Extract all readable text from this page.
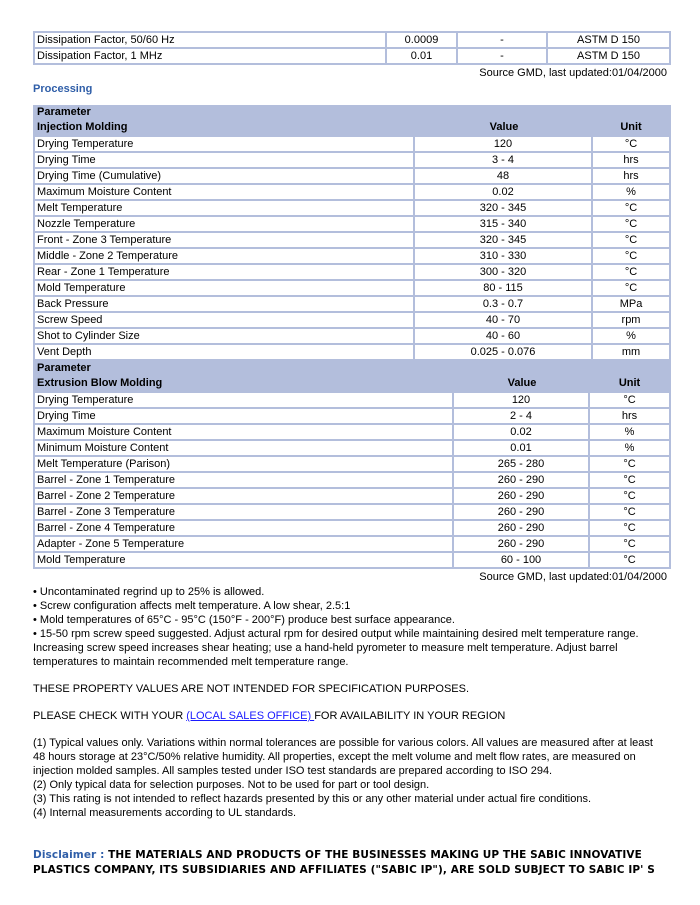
Dissipation Factor, 50/60 Hz	0.0009	-	ASTM D 150
Dissipation Factor, 1 MHz	0.01	-	ASTM D 150
Source GMD, last updated:01/04/2000
Processing
Parameter		
Injection Molding	Value	Unit
Drying Temperature	120	°C
Drying Time	3 - 4	hrs
Drying Time (Cumulative)	48	hrs
Maximum Moisture Content	0.02	%
Melt Temperature	320 - 345	°C
Nozzle Temperature	315 - 340	°C
Front - Zone 3 Temperature	320 - 345	°C
Middle - Zone 2 Temperature	310 - 330	°C
Rear - Zone 1 Temperature	300 - 320	°C
Mold Temperature	80 - 115	°C
Back Pressure	0.3 - 0.7	MPa
Screw Speed	40 - 70	rpm
Shot to Cylinder Size	40 - 60	%
Vent Depth	0.025 - 0.076	mm
Parameter		
Extrusion Blow Molding	Value	Unit
Drying Temperature	120	°C
Drying Time	2 - 4	hrs
Maximum Moisture Content	0.02	%
Minimum Moisture Content	0.01	%
Melt Temperature (Parison)	265 - 280	°C
Barrel - Zone 1 Temperature	260 - 290	°C
Barrel - Zone 2 Temperature	260 - 290	°C
Barrel - Zone 3 Temperature	260 - 290	°C
Barrel - Zone 4 Temperature	260 - 290	°C
Adapter - Zone 5 Temperature	260 - 290	°C
Mold Temperature	60 - 100	°C
Source GMD, last updated:01/04/2000

• Uncontaminated regrind up to 25% is allowed.

• Screw configuration affects melt temperature. A low shear, 2.5:1

• Mold temperatures of 65°C - 95°C (150°F - 200°F) produce best surface appearance.

• 15-50 rpm screw speed suggested. Adjust actural rpm for desired output while maintaining desired melt temperature range. Increasing screw speed increases shear heating; use a hand-held pyrometer to measure melt temperature. Adjust barrel temperatures to maintain recommended melt temperature range.

THESE PROPERTY VALUES ARE NOT INTENDED FOR SPECIFICATION PURPOSES.

PLEASE CHECK WITH YOUR (LOCAL SALES OFFICE) FOR AVAILABILITY IN YOUR REGION

(1) Typical values only. Variations within normal tolerances are possible for various colors. All values are measured after at least 48 hours storage at 23°C/50% relative humidity. All properties, except the melt volume and melt flow rates, are measured on injection molded samples. All samples tested under ISO test standards are prepared according to ISO 294.

(2) Only typical data for selection purposes. Not to be used for part or tool design.

(3) This rating is not intended to reflect hazards presented by this or any other material under actual fire conditions.

(4) Internal measurements according to UL standards.

Disclaimer : THE MATERIALS AND PRODUCTS OF THE BUSINESSES MAKING UP THE SABIC INNOVATIVE PLASTICS COMPANY, ITS SUBSIDIARIES AND AFFILIATES ("SABIC IP"), ARE SOLD SUBJECT TO SABIC IP' S
